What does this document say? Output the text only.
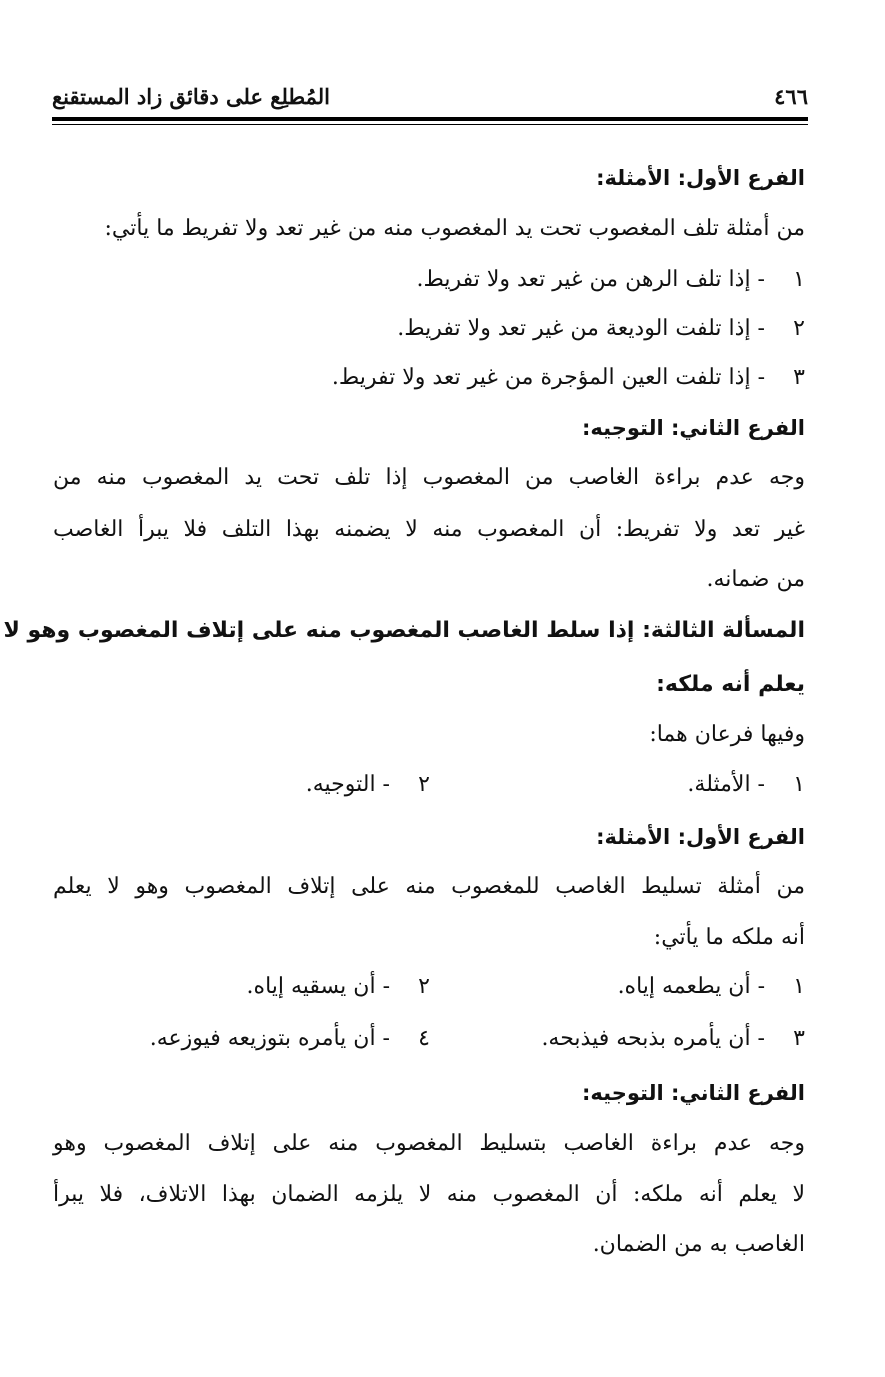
المُطلِع على دقائق زاد المستقنع	٤٦٦
الفرع الأول: الأمثلة:
من أمثلة تلف المغصوب تحت يد المغصوب منه من غير تعد ولا تفريط ما يأتي:
١  - إذا تلف الرهن من غير تعد ولا تفريط.
٢  - إذا تلفت الوديعة من غير تعد ولا تفريط.
٣  - إذا تلفت العين المؤجرة من غير تعد ولا تفريط.
الفرع الثاني: التوجيه:
وجه عدم براءة الغاصب من المغصوب إذا تلف تحت يد المغصوب منه من
غير تعد ولا تفريط: أن المغصوب منه لا يضمنه بهذا التلف فلا يبرأ الغاصب
من ضمانه.
المسألة الثالثة: إذا سلط الغاصب المغصوب منه على إتلاف المغصوب وهو لا
يعلم أنه ملكه:
وفيها فرعان هما:
١  - الأمثلة.
٢  - التوجيه.
الفرع الأول: الأمثلة:
من أمثلة تسليط الغاصب للمغصوب منه على إتلاف المغصوب وهو لا يعلم
أنه ملكه ما يأتي:
١  - أن يطعمه إياه.
٢  - أن يسقيه إياه.
٣  - أن يأمره بذبحه فيذبحه.
٤  - أن يأمره بتوزيعه فيوزعه.
الفرع الثاني: التوجيه:
وجه عدم براءة الغاصب بتسليط المغصوب منه على إتلاف المغصوب وهو
لا يعلم أنه ملكه: أن المغصوب منه لا يلزمه الضمان بهذا الاتلاف، فلا يبرأ
الغاصب به من الضمان.
